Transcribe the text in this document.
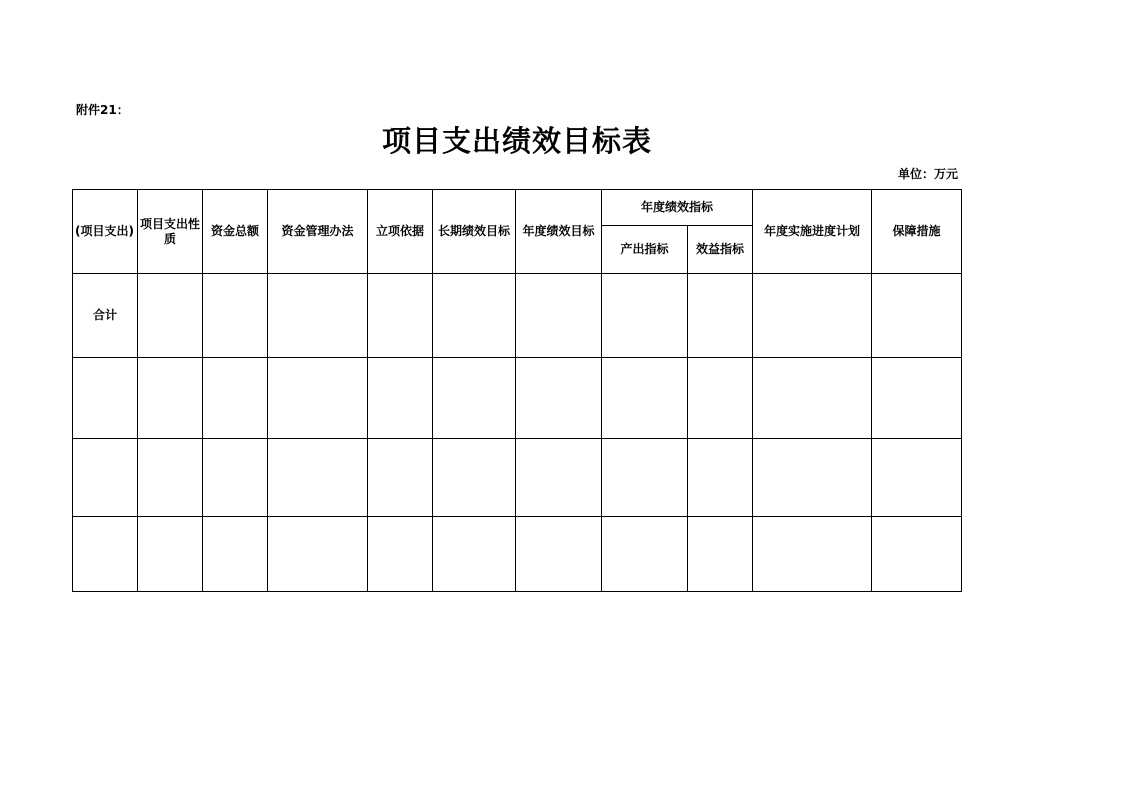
附件21：
项目支出绩效目标表
单位：万元
(项目支出)	项目支出性质	资金总额	资金管理办法	立项依据	长期绩效目标	年度绩效目标	年度绩效指标		年度实施进度计划	保障措施
							产出指标	效益指标		
合计										
